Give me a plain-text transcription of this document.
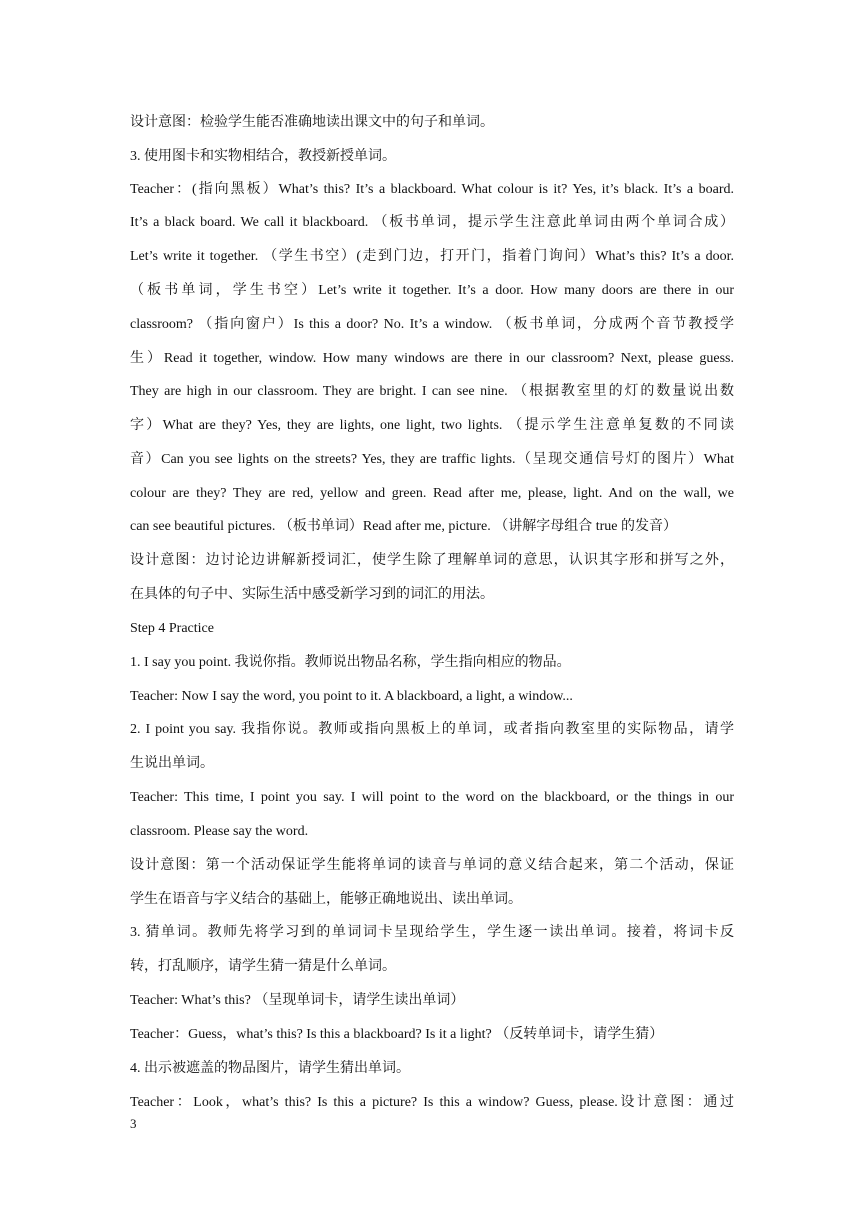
设计意图：检验学生能否准确地读出课文中的句子和单词。
3. 使用图卡和实物相结合，教授新授单词。
Teacher：(指向黑板）What’s this? It’s a blackboard. What colour is it? Yes, it’s black. It’s a board.
It’s a black board. We call it blackboard. （板书单词，提示学生注意此单词由两个单词合成）
Let’s write it together. （学生书空）(走到门边，打开门，指着门询问）What’s this? It’s a door.
（板书单词，学生书空）Let’s write it together. It’s a door. How many doors are there in our
classroom? （指向窗户）Is this a door? No. It’s a window. （板书单词，分成两个音节教授学
生）Read it together, window. How many windows are there in our classroom? Next, please guess.
They are high in our classroom. They are bright. I can see nine. （根据教室里的灯的数量说出数
字）What are they? Yes, they are lights, one light, two lights. （提示学生注意单复数的不同读
音）Can you see lights on the streets? Yes, they are traffic lights.（呈现交通信号灯的图片）What
colour are they? They are red, yellow and green. Read after me, please, light. And on the wall, we
can see beautiful pictures. （板书单词）Read after me, picture. （讲解字母组合 true 的发音）
设计意图：边讨论边讲解新授词汇，使学生除了理解单词的意思，认识其字形和拼写之外，
在具体的句子中、实际生活中感受新学习到的词汇的用法。
Step 4 Practice
1. I say you point. 我说你指。教师说出物品名称，学生指向相应的物品。
Teacher: Now I say the word, you point to it. A blackboard, a light, a window...
2. I point you say. 我指你说。教师或指向黑板上的单词，或者指向教室里的实际物品，请学
生说出单词。
Teacher: This time, I point you say. I will point to the word on the blackboard, or the things in our
classroom. Please say the word.
设计意图：第一个活动保证学生能将单词的读音与单词的意义结合起来，第二个活动，保证
学生在语音与字义结合的基础上，能够正确地说出、读出单词。
3. 猜单词。教师先将学习到的单词词卡呈现给学生，学生逐一读出单词。接着，将词卡反
转，打乱顺序，请学生猜一猜是什么单词。
Teacher: What’s this? （呈现单词卡，请学生读出单词）
Teacher：Guess，what’s this? Is this a blackboard? Is it a light? （反转单词卡，请学生猜）
4. 出示被遮盖的物品图片，请学生猜出单词。
Teacher：Look，what’s this? Is this a picture? Is this a window? Guess, please.设计意图：通过
3
